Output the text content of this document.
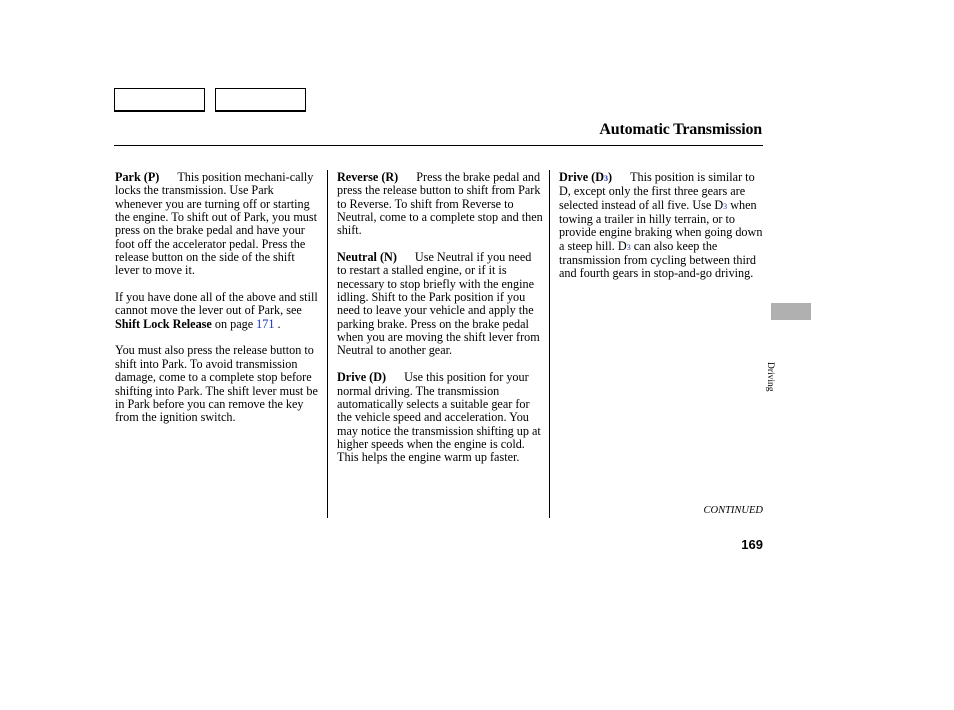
Automatic Transmission

Park (P) This position mechani-cally locks the transmission. Use Park whenever you are turning off or starting the engine. To shift out of Park, you must press on the brake pedal and have your foot off the accelerator pedal. Press the release button on the side of the shift lever to move it.

If you have done all of the above and still cannot move the lever out of Park, see Shift Lock Release on page 171 .

You must also press the release button to shift into Park. To avoid transmission damage, come to a complete stop before shifting into Park. The shift lever must be in Park before you can remove the key from the ignition switch.

Reverse (R) Press the brake pedal and press the release button to shift from Park to Reverse. To shift from Reverse to Neutral, come to a complete stop and then shift.

Neutral (N) Use Neutral if you need to restart a stalled engine, or if it is necessary to stop briefly with the engine idling. Shift to the Park position if you need to leave your vehicle and apply the parking brake. Press on the brake pedal when you are moving the shift lever from Neutral to another gear.

Drive (D) Use this position for your normal driving. The transmission automatically selects a suitable gear for the vehicle speed and acceleration. You may notice the transmission shifting up at higher speeds when the engine is cold. This helps the engine warm up faster.

Drive (D3) This position is similar to D, except only the first three gears are selected instead of all five. Use D3 when towing a trailer in hilly terrain, or to provide engine braking when going down a steep hill. D3 can also keep the transmission from cycling between third and fourth gears in stop-and-go driving.

Driving
CONTINUED
169
